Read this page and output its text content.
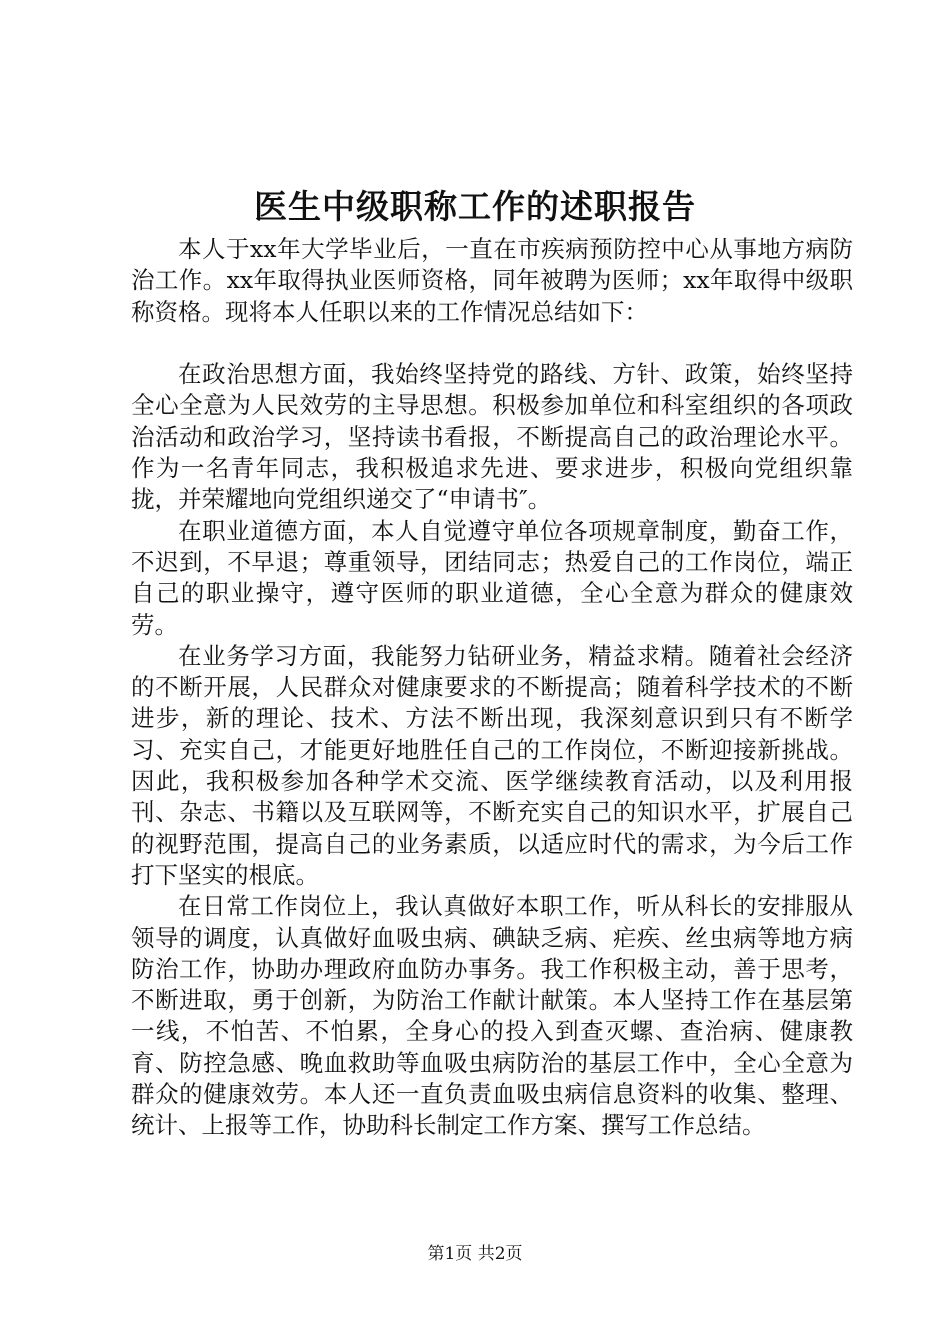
医生中级职称工作的述职报告

本人于xx年大学毕业后，一直在市疾病预防控中心从事地方病防治工作。xx年取得执业医师资格，同年被聘为医师；xx年取得中级职称资格。现将本人任职以来的工作情况总结如下：

在政治思想方面，我始终坚持党的路线、方针、政策，始终坚持全心全意为人民效劳的主导思想。积极参加单位和科室组织的各项政治活动和政治学习，坚持读书看报，不断提高自己的政治理论水平。作为一名青年同志，我积极追求先进、要求进步，积极向党组织靠拢，并荣耀地向党组织递交了“申请书″。

在职业道德方面，本人自觉遵守单位各项规章制度，勤奋工作，不迟到，不早退；尊重领导，团结同志；热爱自己的工作岗位，端正自己的职业操守，遵守医师的职业道德，全心全意为群众的健康效劳。

在业务学习方面，我能努力钻研业务，精益求精。随着社会经济的不断开展，人民群众对健康要求的不断提高；随着科学技术的不断进步，新的理论、技术、方法不断出现，我深刻意识到只有不断学习、充实自己，才能更好地胜任自己的工作岗位，不断迎接新挑战。因此，我积极参加各种学术交流、医学继续教育活动，以及利用报刊、杂志、书籍以及互联网等，不断充实自己的知识水平，扩展自己的视野范围，提高自己的业务素质，以适应时代的需求，为今后工作打下坚实的根底。

在日常工作岗位上，我认真做好本职工作，听从科长的安排服从领导的调度，认真做好血吸虫病、碘缺乏病、疟疾、丝虫病等地方病防治工作，协助办理政府血防办事务。我工作积极主动，善于思考，不断进取，勇于创新，为防治工作献计献策。本人坚持工作在基层第一线，不怕苦、不怕累，全身心的投入到查灭螺、查治病、健康教育、防控急感、晚血救助等血吸虫病防治的基层工作中，全心全意为群众的健康效劳。本人还一直负责血吸虫病信息资料的收集、整理、统计、上报等工作，协助科长制定工作方案、撰写工作总结。

第1页 共2页
